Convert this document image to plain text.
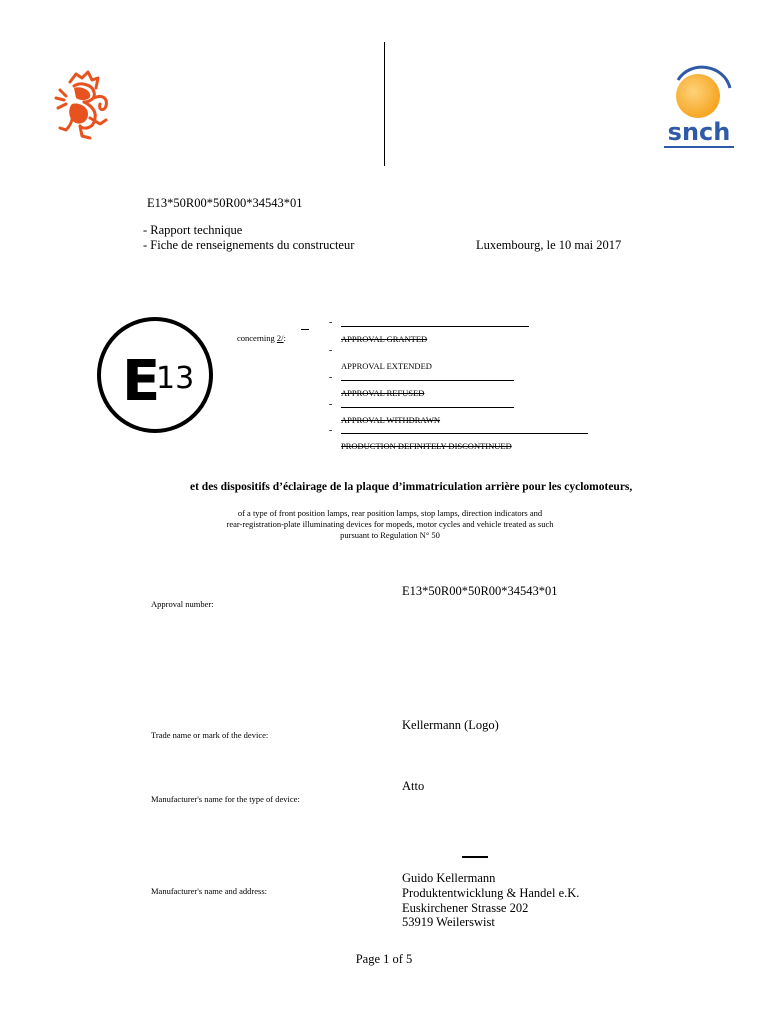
snch
E13*50R00*50R00*34543*01
- Rapport technique
- Fiche de renseignements du constructeur	Luxembourg, le 10 mai 2017
E
13
concerning 2/:
-
APPROVAL GRANTED
-
APPROVAL EXTENDED
-
APPROVAL REFUSED
-
APPROVAL WITHDRAWN
-
PRODUCTION DEFINITELY DISCONTINUED
et des dispositifs d’éclairage de la plaque d’immatriculation arrière pour les cyclomoteurs,
of a type of front position lamps, rear position lamps, stop lamps, direction indicators and
rear-registration-plate illuminating devices for mopeds, motor cycles and vehicle treated as such
pursuant to Regulation N° 50
E13*50R00*50R00*34543*01
Approval number:
Kellermann (Logo)
Trade name or mark of the device:
Atto
Manufacturer's name for the type of device:
Guido Kellermann
Produktentwicklung & Handel e.K.
Manufacturer's name and address:
Euskirchener Strasse 202
53919 Weilerswist
Page 1 of 5
